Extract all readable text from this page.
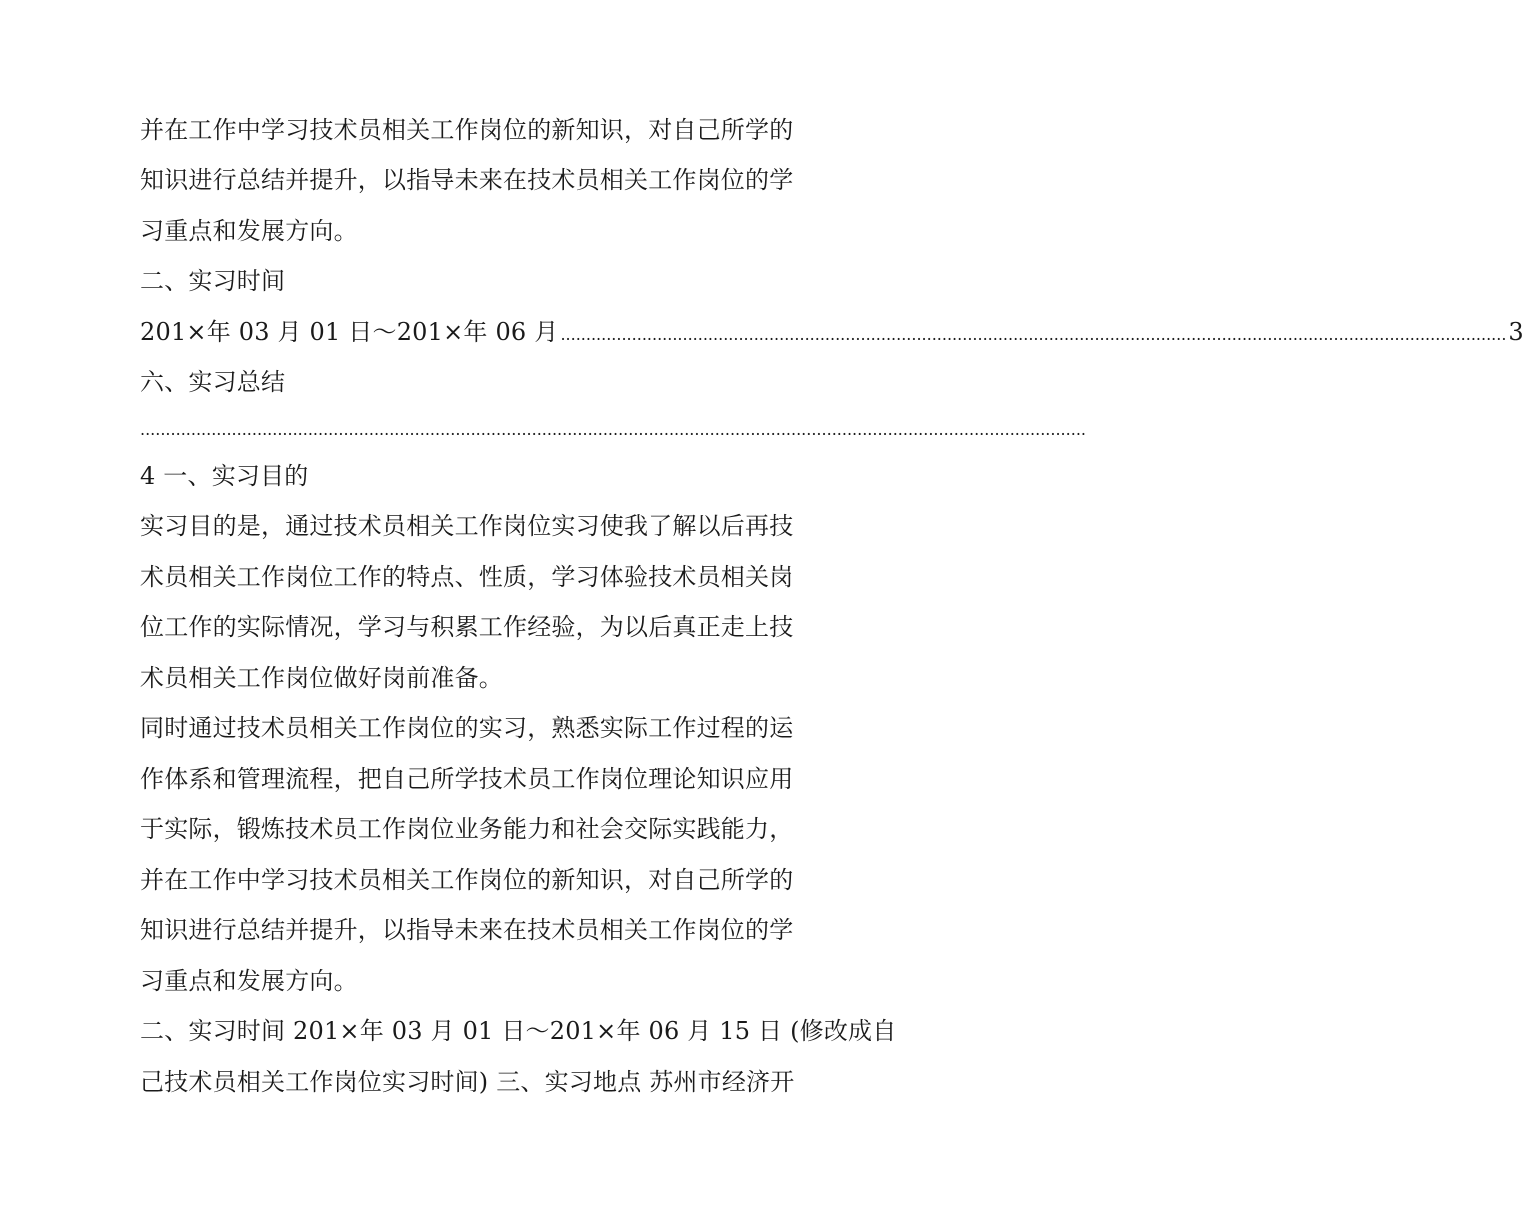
并在工作中学习技术员相关工作岗位的新知识，对自己所学的
知识进行总结并提升，以指导未来在技术员相关工作岗位的学
习重点和发展方向。
二、实习时间
201×年 03 月 01 日～201×年 06 月
.....	3
六、实习总结
.....
4 一、实习目的
实习目的是，通过技术员相关工作岗位实习使我了解以后再技
术员相关工作岗位工作的特点、性质，学习体验技术员相关岗
位工作的实际情况，学习与积累工作经验，为以后真正走上技
术员相关工作岗位做好岗前准备。
同时通过技术员相关工作岗位的实习，熟悉实际工作过程的运
作体系和管理流程，把自己所学技术员工作岗位理论知识应用
于实际，锻炼技术员工作岗位业务能力和社会交际实践能力，
并在工作中学习技术员相关工作岗位的新知识，对自己所学的
知识进行总结并提升，以指导未来在技术员相关工作岗位的学
习重点和发展方向。
二、实习时间 201×年 03 月 01 日～201×年 06 月 15 日 (修改成自
己技术员相关工作岗位实习时间) 三、实习地点 苏州市经济开
